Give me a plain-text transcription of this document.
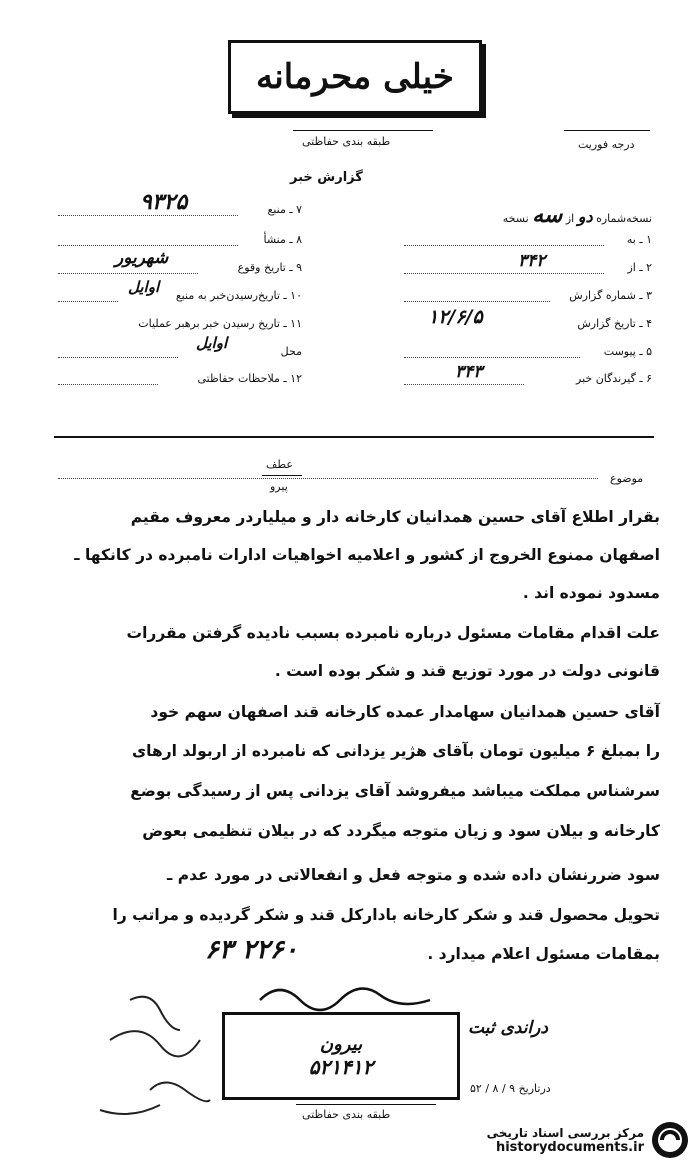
خیلی محرمانه
طبقه بندی حفاظتی	درجه فوریت
گزارش خبر
نسخه‌شماره دو از سه نسخه
۱ ـ به
۲ ـ از
۳۴۲
۳ ـ شماره گزارش
۴ ـ تاریخ گزارش
۱۲/۶/۵
۵ ـ پیوست
۶ ـ گیرندگان خبر
۳۴۳
۷ ـ منبع
۹۳۲۵
۸ ـ منشأ
۹ ـ تاریخ وقوع
شهریور
۱۰ ـ تاریخ‌رسیدن‌خبر به منبع
اوایل
۱۱ ـ تاریخ رسیدن خبر برهبر عملیات
محل
اوایل
۱۲ ـ ملاحظات حفاظتی
عطف
پیرو
موضوع
بقرار اطلاع آقای حسین همدانیان کارخانه دار و میلیاردر معروف مقیم
اصفهان ممنوع الخروج از کشور و اعلامیه اخواهیات ادارات نامبرده در کانکها ـ
مسدود نموده اند .
علت اقدام مقامات مسئول درباره نامبرده بسبب نادیده گرفتن مقررات
قانونی دولت در مورد توزیع قند و شکر بوده است .
آقای حسین همدانیان سهامدار عمده کارخانه قند اصفهان سهم خود
را بمبلغ ۶ میلیون تومان بآقای هژیر یزدانی که نامبرده از اربولد ارهای
سرشناس مملکت میباشد میفروشد آقای یزدانی پس از رسیدگی بوضع
کارخانه و بیلان سود و زیان متوجه میگردد که در بیلان تنظیمی بعوض
سود ضررنشان داده شده و متوجه فعل و انفعالاتی در مورد عدم ـ
تحویل محصول قند و شکر کارخانه بادارکل قند و شکر گردیده و مراتب را
بمقامات مسئول اعلام میدارد .
۶۳ ۲۲۶۰
بیرون
۵۲۱۴۱۲
دراندی ثبت
درتاریخ ۹ / ۸ / ۵۲
طبقه بندی حفاظتی
مرکز بررسی اسناد تاریخی
historydocuments.ir
